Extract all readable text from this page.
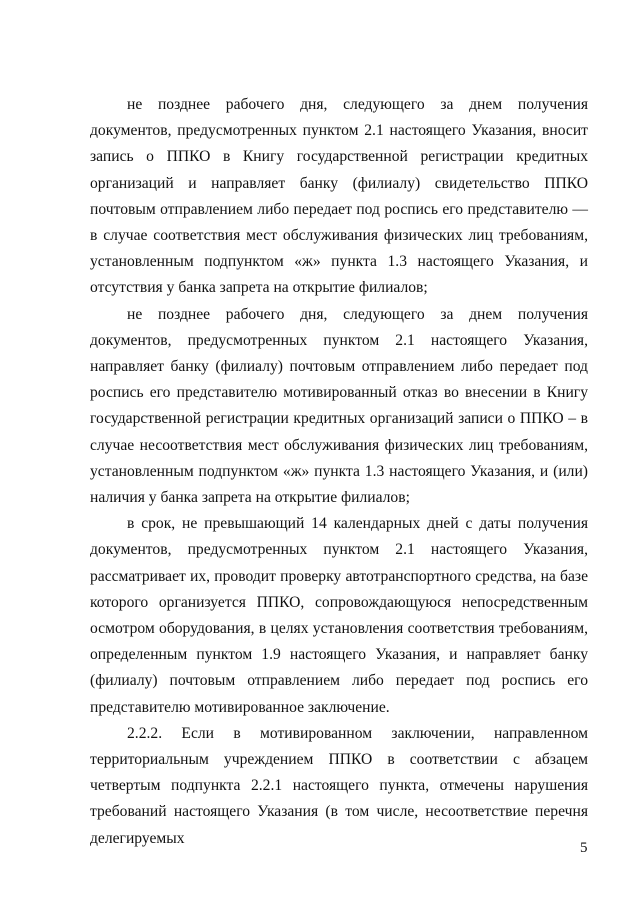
не позднее рабочего дня, следующего за днем получения документов, предусмотренных пунктом 2.1 настоящего Указания, вносит запись о ППКО в Книгу государственной регистрации кредитных организаций и направляет банку (филиалу) свидетельство ППКО почтовым отправлением либо передает под роспись его представителю — в случае соответствия мест обслуживания физических лиц требованиям, установленным подпунктом «ж» пункта 1.3 настоящего Указания, и отсутствия у банка запрета на открытие филиалов;

не позднее рабочего дня, следующего за днем получения документов, предусмотренных пунктом 2.1 настоящего Указания, направляет банку (филиалу) почтовым отправлением либо передает под роспись его представителю мотивированный отказ во внесении в Книгу государственной регистрации кредитных организаций записи о ППКО – в случае несоответствия мест обслуживания физических лиц требованиям, установленным подпунктом «ж» пункта 1.3 настоящего Указания, и (или) наличия у банка запрета на открытие филиалов;

в срок, не превышающий 14 календарных дней с даты получения документов, предусмотренных пунктом 2.1 настоящего Указания, рассматривает их, проводит проверку автотранспортного средства, на базе которого организуется ППКО, сопровождающуюся непосредственным осмотром оборудования, в целях установления соответствия требованиям, определенным пунктом 1.9 настоящего Указания, и направляет банку (филиалу) почтовым отправлением либо передает под роспись его представителю мотивированное заключение.

2.2.2. Если в мотивированном заключении, направленном территориальным учреждением ППКО в соответствии с абзацем четвертым подпункта 2.2.1 настоящего пункта, отмечены нарушения требований настоящего Указания (в том числе, несоответствие перечня делегируемых

5
